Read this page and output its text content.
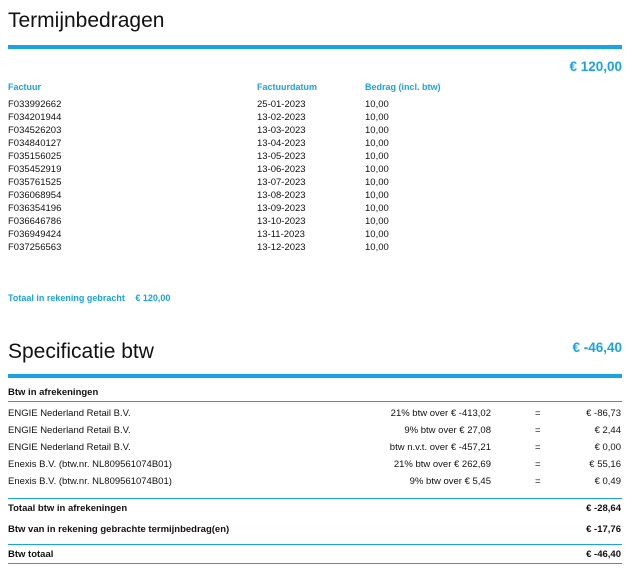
Termijnbedragen
€ 120,00
Factuur	Factuurdatum	Bedrag (incl. btw)
F033992662	25-01-2023	10,00
F034201944	13-02-2023	10,00
F034526203	13-03-2023	10,00
F034840127	13-04-2023	10,00
F035156025	13-05-2023	10,00
F035452919	13-06-2023	10,00
F035761525	13-07-2023	10,00
F036068954	13-08-2023	10,00
F036354196	13-09-2023	10,00
F036646786	13-10-2023	10,00
F036949424	13-11-2023	10,00
F037256563	13-12-2023	10,00
Totaal in rekening gebracht € 120,00
Specificatie btw	€ -46,40
Btw in afrekeningen
ENGIE Nederland Retail B.V.	21% btw over € -413,02	=	€ -86,73
ENGIE Nederland Retail B.V.	9% btw over € 27,08	=	€ 2,44
ENGIE Nederland Retail B.V.	btw n.v.t. over € -457,21	=	€ 0,00
Enexis B.V. (btw.nr. NL809561074B01)	21% btw over € 262,69	=	€ 55,16
Enexis B.V. (btw.nr. NL809561074B01)	9% btw over € 5,45	=	€ 0,49
Totaal btw in afrekeningen	€ -28,64
Btw van in rekening gebrachte termijnbedrag(en)	€ -17,76
Btw totaal	€ -46,40
